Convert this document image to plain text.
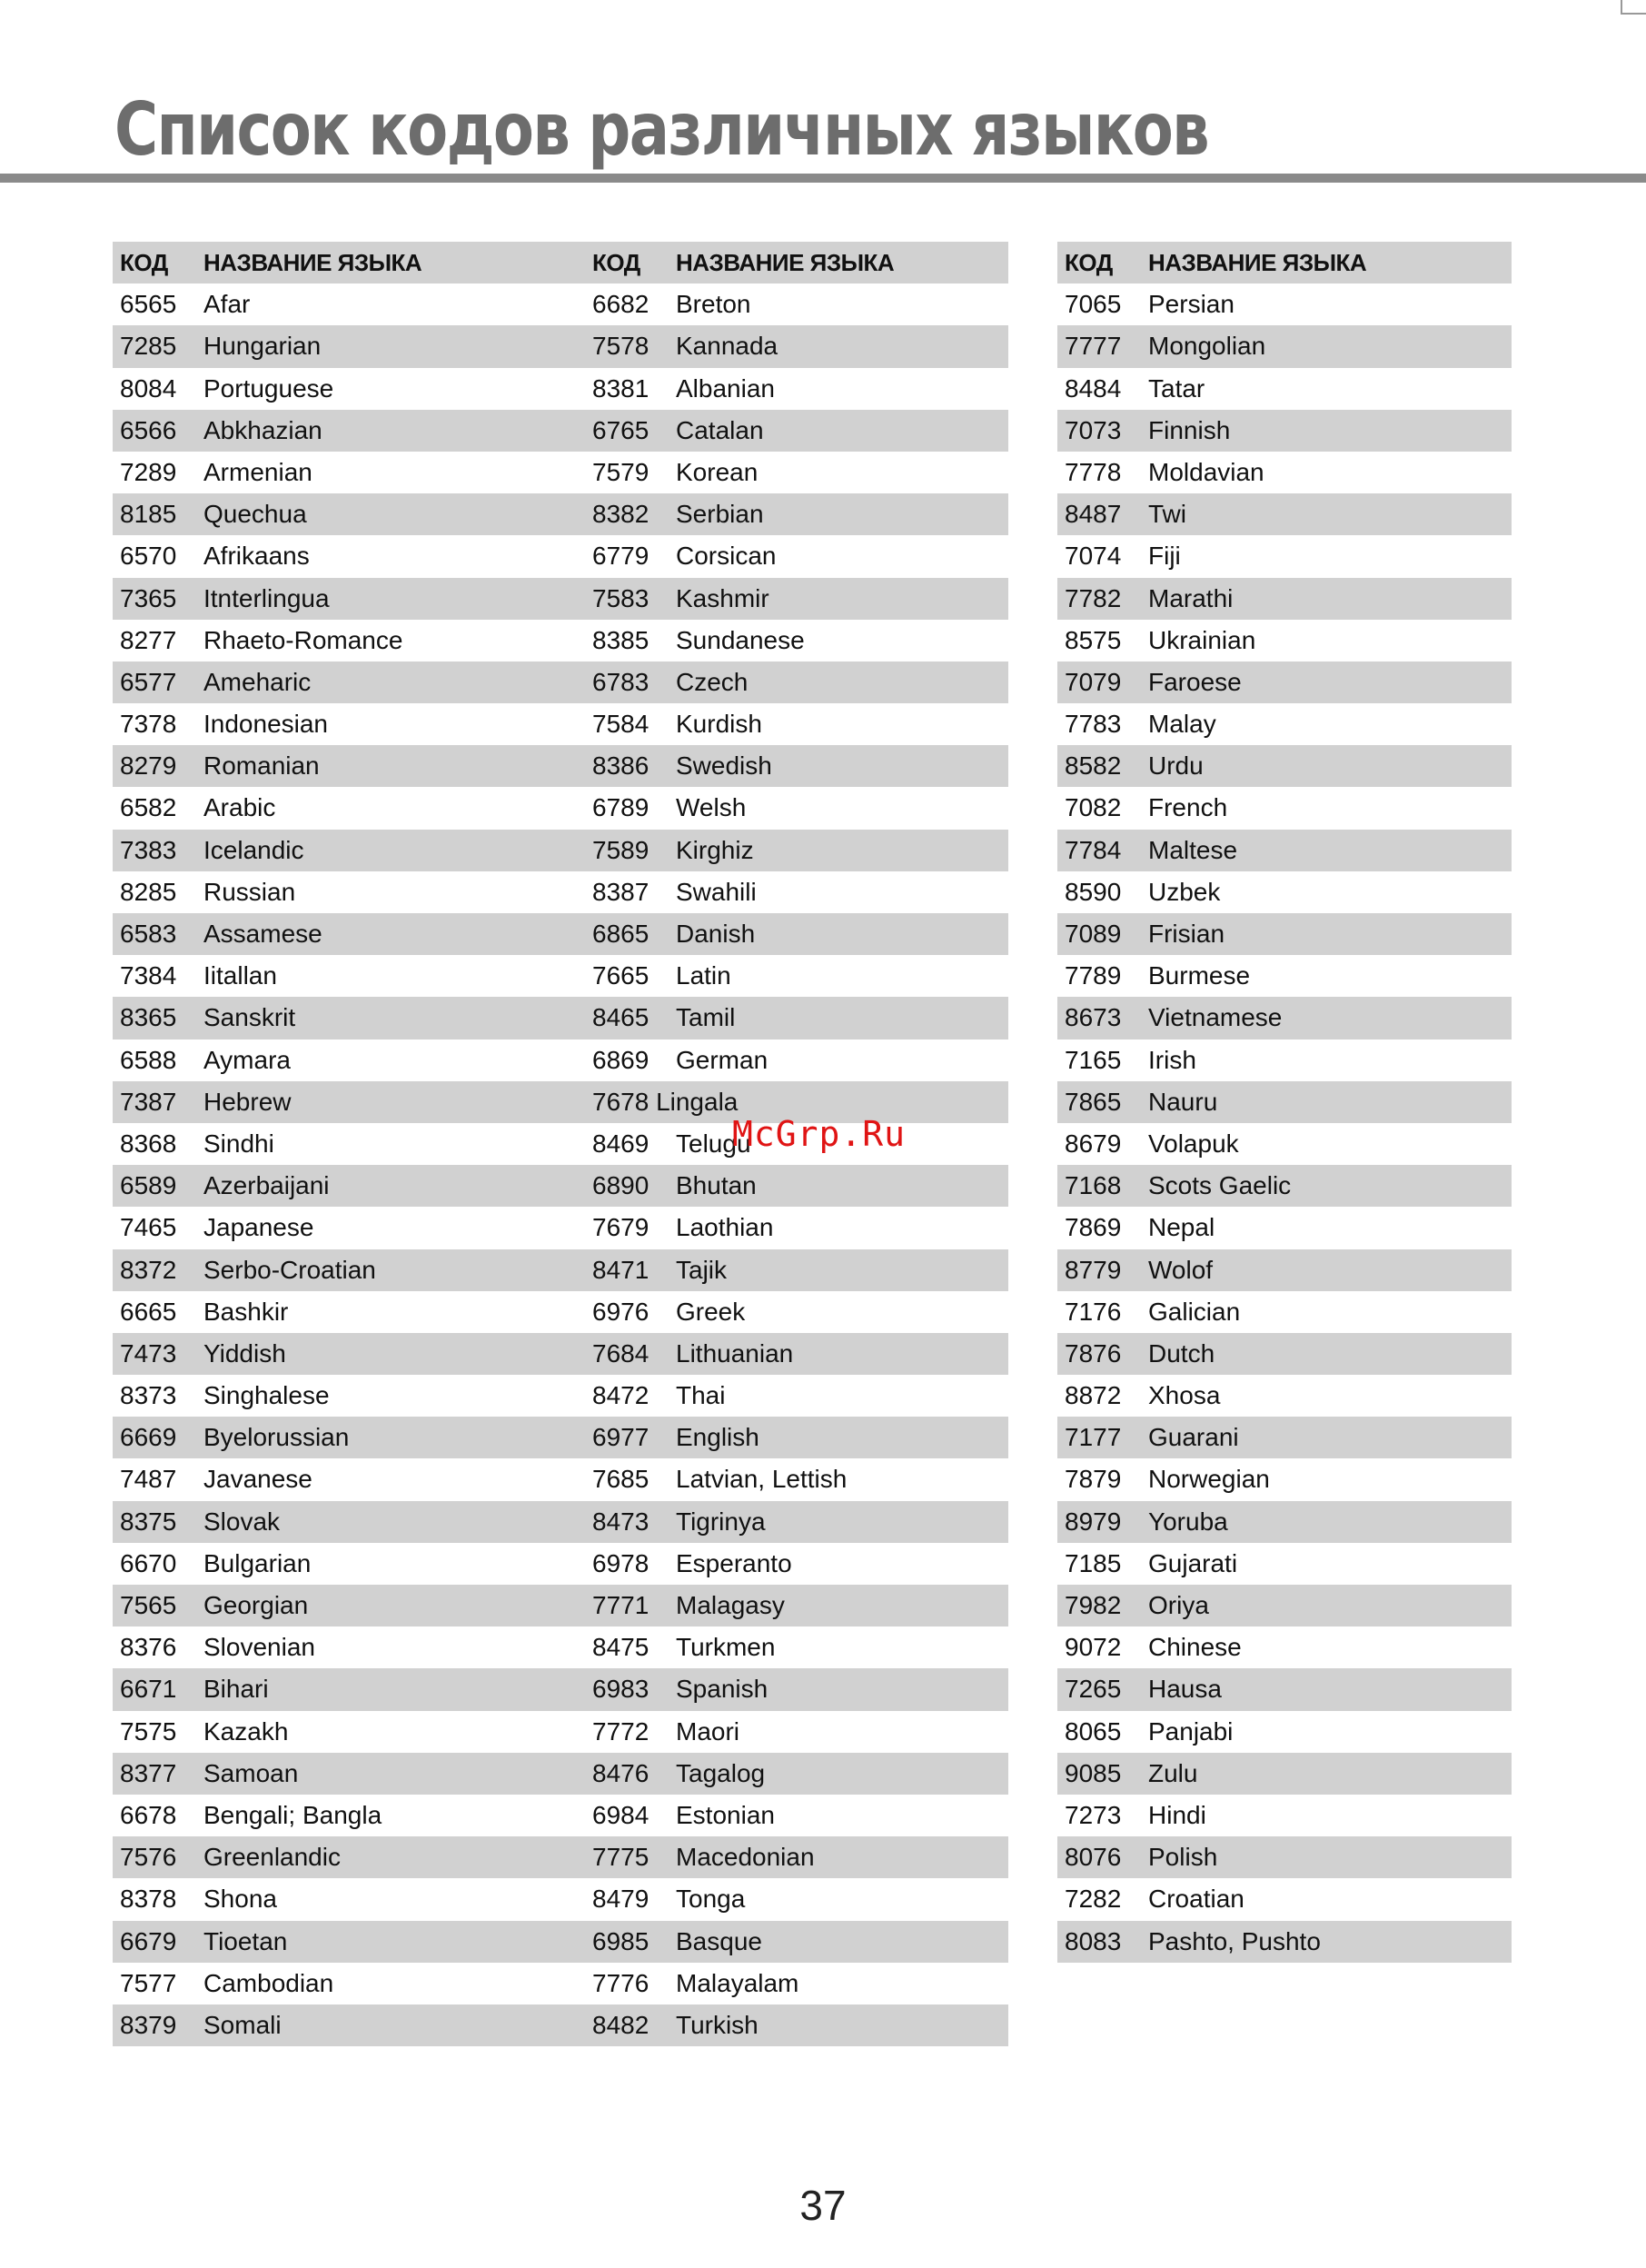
Список кодов различных языков
КОД НАЗВАНИЕ ЯЗЫКА
6565 Afar
7285 Hungarian
8084 Portuguese
6566 Abkhazian
7289 Armenian
8185 Quechua
6570 Afrikaans
7365 Itnterlingua
8277 Rhaeto-Romance
6577 Ameharic
7378 Indonesian
8279 Romanian
6582 Arabic
7383 Icelandic
8285 Russian
6583 Assamese
7384 Iitallan
8365 Sanskrit
6588 Aymara
7387 Hebrew
8368 Sindhi
6589 Azerbaijani
7465 Japanese
8372 Serbo-Croatian
6665 Bashkir
7473 Yiddish
8373 Singhalese
6669 Byelorussian
7487 Javanese
8375 Slovak
6670 Bulgarian
7565 Georgian
8376 Slovenian
6671 Bihari
7575 Kazakh
8377 Samoan
6678 Bengali; Bangla
7576 Greenlandic
8378 Shona
6679 Tioetan
7577 Cambodian
8379 Somali
КОД НАЗВАНИЕ ЯЗЫКА
6682 Breton
7578 Kannada
8381 Albanian
6765 Catalan
7579 Korean
8382 Serbian
6779 Corsican
7583 Kashmir
8385 Sundanese
6783 Czech
7584 Kurdish
8386 Swedish
6789 Welsh
7589 Kirghiz
8387 Swahili
6865 Danish
7665 Latin
8465 Tamil
6869 German
7678 Lingala
8469 Telugu
6890 Bhutan
7679 Laothian
8471 Tajik
6976 Greek
7684 Lithuanian
8472 Thai
6977 English
7685 Latvian, Lettish
8473 Tigrinya
6978 Esperanto
7771 Malagasy
8475 Turkmen
6983 Spanish
7772 Maori
8476 Tagalog
6984 Estonian
7775 Macedonian
8479 Tonga
6985 Basque
7776 Malayalam
8482 Turkish
КОД НАЗВАНИЕ ЯЗЫКА
7065 Persian
7777 Mongolian
8484 Tatar
7073 Finnish
7778 Moldavian
8487 Twi
7074 Fiji
7782 Marathi
8575 Ukrainian
7079 Faroese
7783 Malay
8582 Urdu
7082 French
7784 Maltese
8590 Uzbek
7089 Frisian
7789 Burmese
8673 Vietnamese
7165 Irish
7865 Nauru
8679 Volapuk
7168 Scots Gaelic
7869 Nepal
8779 Wolof
7176 Galician
7876 Dutch
8872 Xhosa
7177 Guarani
7879 Norwegian
8979 Yoruba
7185 Gujarati
7982 Oriya
9072 Chinese
7265 Hausa
8065 Panjabi
9085 Zulu
7273 Hindi
8076 Polish
7282 Croatian
8083 Pashto, Pushto
McGrp.Ru
37
